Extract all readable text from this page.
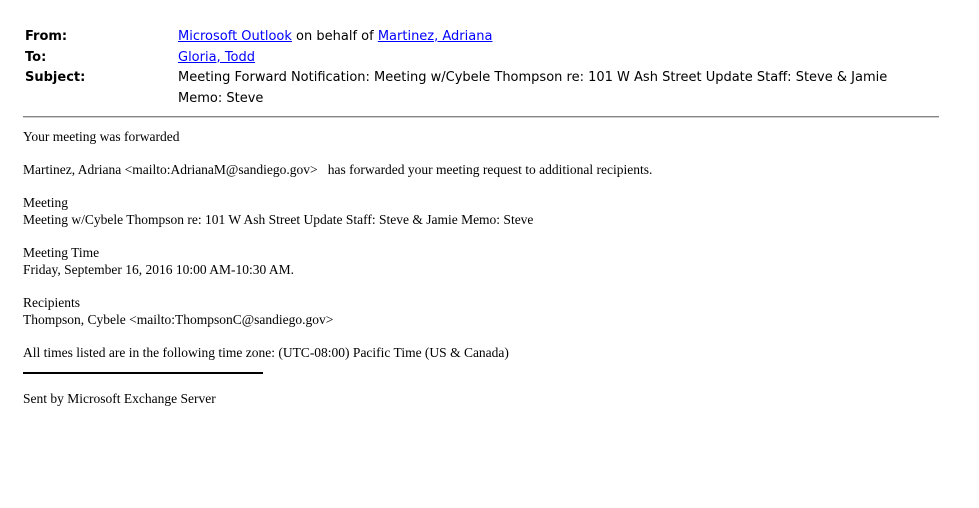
From:	Microsoft Outlook on behalf of Martinez, Adriana
To:	Gloria, Todd
Subject:	Meeting Forward Notification: Meeting w/Cybele Thompson re: 101 W Ash Street Update Staff: Steve & Jamie Memo: Steve

Your meeting was forwarded

Martinez, Adriana <mailto:AdrianaM@sandiego.gov>   has forwarded your meeting request to additional recipients.

Meeting
Meeting w/Cybele Thompson re: 101 W Ash Street Update Staff: Steve & Jamie Memo: Steve

Meeting Time
Friday, September 16, 2016 10:00 AM-10:30 AM.

Recipients
Thompson, Cybele <mailto:ThompsonC@sandiego.gov>

All times listed are in the following time zone: (UTC-08:00) Pacific Time (US & Canada)

Sent by Microsoft Exchange Server
